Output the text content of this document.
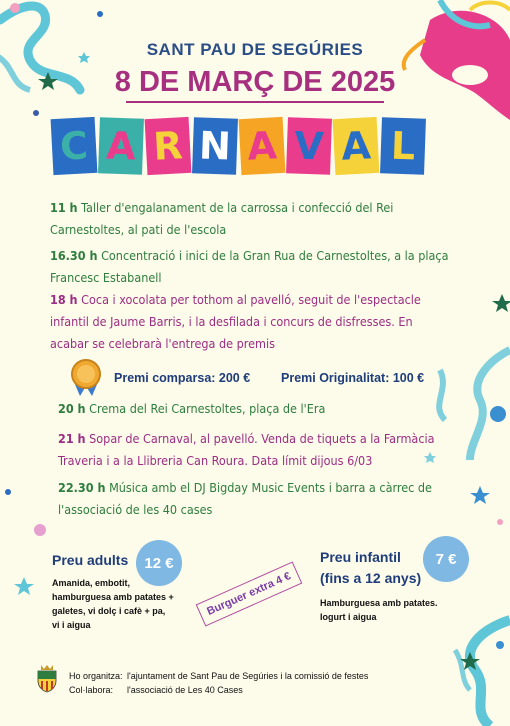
SANT PAU DE SEGÚRIES
8 DE MARÇ DE 2025
C A R N A V A L
11 h Taller d'engalanament de la carrossa i confecció del Rei
Carnestoltes, al pati de l'escola
16.30 h Concentració i inici de la Gran Rua de Carnestoltes, a la plaça
Francesc Estabanell
18 h Coca i xocolata per tothom al pavelló, seguit de l'espectacle
infantil de Jaume Barris, i la desfilada i concurs de disfresses. En
acabar se celebrarà l'entrega de premis
Premi comparsa: 200 € Premi Originalitat: 100 €
20 h Crema del Rei Carnestoltes, plaça de l'Era
21 h Sopar de Carnaval, al pavelló. Venda de tiquets a la Farmàcia
Traveria i a la Llibreria Can Roura. Data límit dijous 6/03
22.30 h Música amb el DJ Bigday Music Events i barra a càrrec de
l'associació de les 40 cases
Preu adults	12 €
Amanida, embotit,
hamburguesa amb patates +
galetes, vi dolç i cafè + pa,
vi i aigua
Burguer extra 4 €
Preu infantil
(fins a 12 anys)
7 €
Hamburguesa amb patates.
Iogurt i aigua
Ho organitza: l'ajuntament de Sant Pau de Segúries i la comissió de festes
Col·labora: l'associació de Les 40 Cases
